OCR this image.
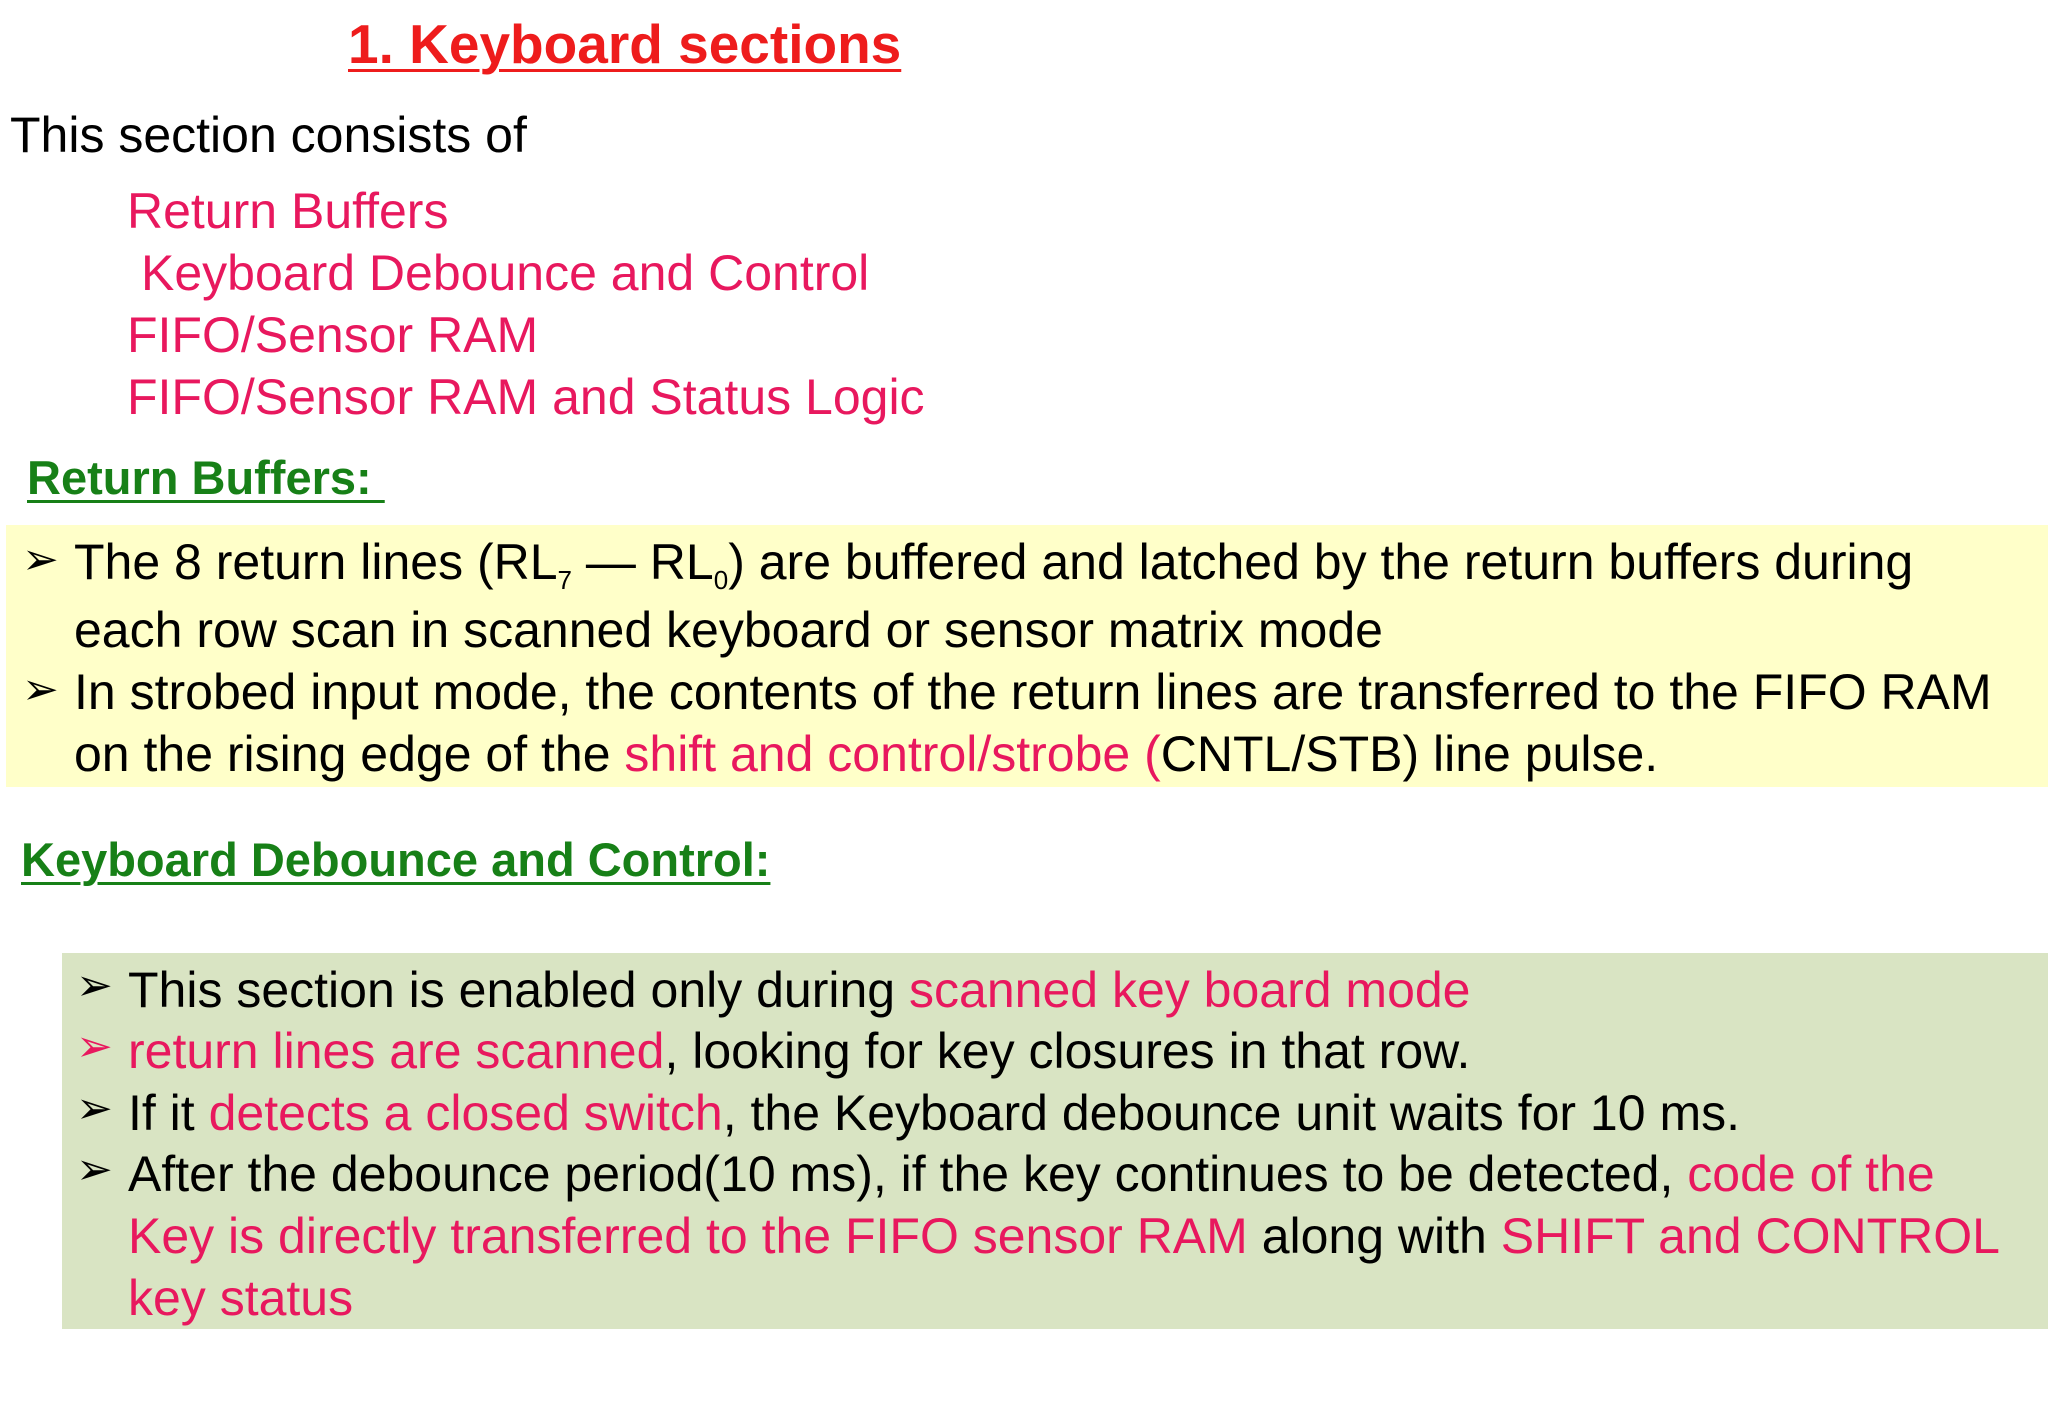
1. Keyboard sections
This section consists of
Return Buffers
Keyboard Debounce and Control
FIFO/Sensor RAM
FIFO/Sensor RAM and Status Logic
Return Buffers:
➢ The 8 return lines ($RL_7$ — $RL_0$) are buffered and latched by the return buffers during
each row scan in scanned keyboard or sensor matrix mode
➢ In strobed input mode, the contents of the return lines are transferred to the FIFO RAM
on the rising edge of the shift and control/strobe (CNTL/STB) line pulse.
Keyboard Debounce and Control:
➢ This section is enabled only during scanned key board mode
➢ return lines are scanned, looking for key closures in that row.
➢ If it detects a closed switch, the Keyboard debounce unit waits for 10 ms.
➢ After the debounce period(10 ms), if the key continues to be detected, code of the
Key is directly transferred to the FIFO sensor RAM along with SHIFT and CONTROL
key status
